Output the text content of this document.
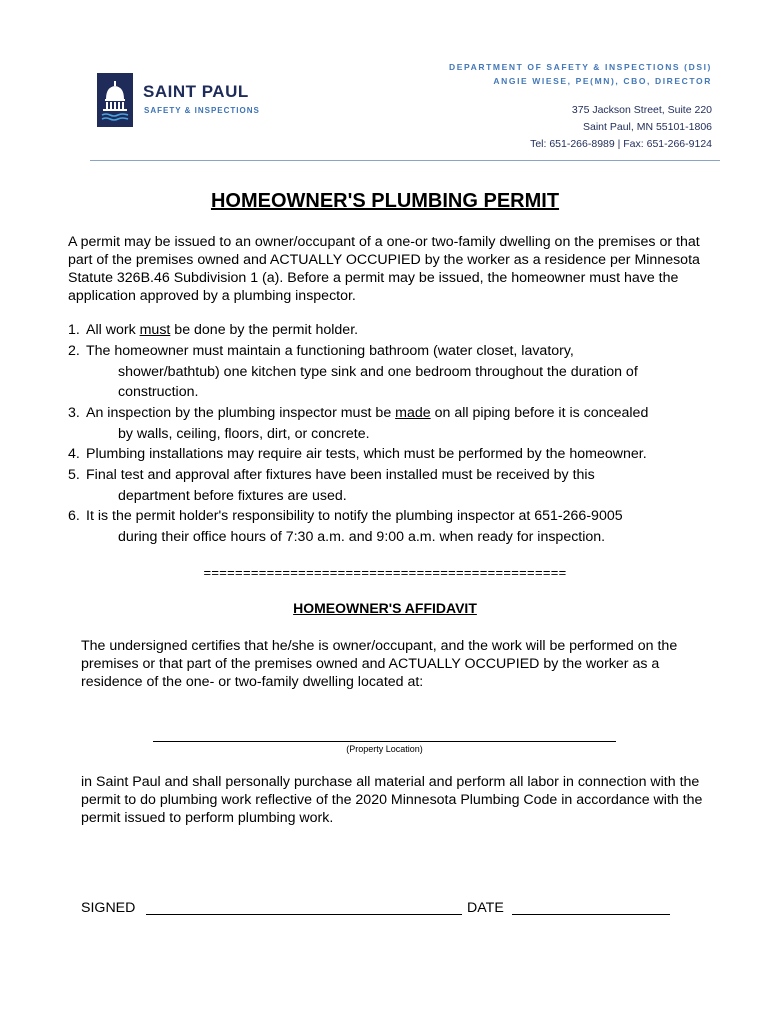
SAINT PAUL
SAFETY & INSPECTIONS
DEPARTMENT OF SAFETY & INSPECTIONS (DSI)
ANGIE WIESE, PE(MN), CBO, DIRECTOR
375 Jackson Street, Suite 220
Saint Paul, MN 55101-1806
Tel: 651-266-8989 | Fax: 651-266-9124
HOMEOWNER'S PLUMBING PERMIT
A permit may be issued to an owner/occupant of a one-or two-family dwelling on the premises or that part of the premises owned and ACTUALLY OCCUPIED by the worker as a residence per Minnesota Statute 326B.46 Subdivision 1 (a). Before a permit may be issued, the homeowner must have the application approved by a plumbing inspector.
1. All work must be done by the permit holder.
2. The homeowner must maintain a functioning bathroom (water closet, lavatory,
shower/bathtub) one kitchen type sink and one bedroom throughout the duration of
construction.
3. An inspection by the plumbing inspector must be made on all piping before it is concealed
by walls, ceiling, floors, dirt, or concrete.
4. Plumbing installations may require air tests, which must be performed by the homeowner.
5. Final test and approval after fixtures have been installed must be received by this
department before fixtures are used.
6. It is the permit holder's responsibility to notify the plumbing inspector at 651-266-9005
during their office hours of 7:30 a.m. and 9:00 a.m. when ready for inspection.
==============================================
HOMEOWNER'S AFFIDAVIT
The undersigned certifies that he/she is owner/occupant, and the work will be performed on the premises or that part of the premises owned and ACTUALLY OCCUPIED by the worker as a residence of the one- or two-family dwelling located at:
(Property Location)
in Saint Paul and shall personally purchase all material and perform all labor in connection with the permit to do plumbing work reflective of the 2020 Minnesota Plumbing Code in accordance with the permit issued to perform plumbing work.
SIGNED	DATE
